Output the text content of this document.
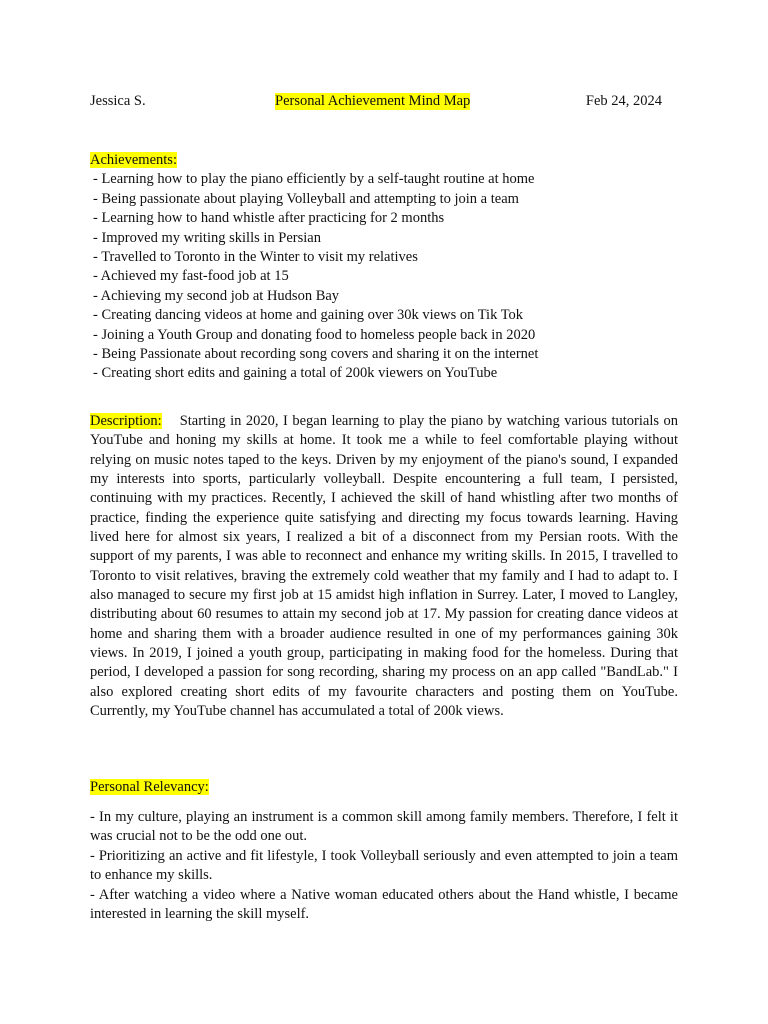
Jessica S.	Personal Achievement Mind Map	Feb 24, 2024
Achievements:
- Learning how to play the piano efficiently by a self-taught routine at home
- Being passionate about playing Volleyball and attempting to join a team
- Learning how to hand whistle after practicing for 2 months
- Improved my writing skills in Persian
- Travelled to Toronto in the Winter to visit my relatives
- Achieved my fast-food job at 15
- Achieving my second job at Hudson Bay
- Creating dancing videos at home and gaining over 30k views on Tik Tok
- Joining a Youth Group and donating food to homeless people back in 2020
- Being Passionate about recording song covers and sharing it on the internet
- Creating short edits and gaining a total of 200k viewers on YouTube
Description: Starting in 2020, I began learning to play the piano by watching various tutorials on YouTube and honing my skills at home. It took me a while to feel comfortable playing without relying on music notes taped to the keys. Driven by my enjoyment of the piano's sound, I expanded my interests into sports, particularly volleyball. Despite encountering a full team, I persisted, continuing with my practices. Recently, I achieved the skill of hand whistling after two months of practice, finding the experience quite satisfying and directing my focus towards learning. Having lived here for almost six years, I realized a bit of a disconnect from my Persian roots. With the support of my parents, I was able to reconnect and enhance my writing skills. In 2015, I travelled to Toronto to visit relatives, braving the extremely cold weather that my family and I had to adapt to. I also managed to secure my first job at 15 amidst high inflation in Surrey. Later, I moved to Langley, distributing about 60 resumes to attain my second job at 17. My passion for creating dance videos at home and sharing them with a broader audience resulted in one of my performances gaining 30k views. In 2019, I joined a youth group, participating in making food for the homeless. During that period, I developed a passion for song recording, sharing my process on an app called "BandLab." I also explored creating short edits of my favourite characters and posting them on YouTube. Currently, my YouTube channel has accumulated a total of 200k views.
Personal Relevancy:

- In my culture, playing an instrument is a common skill among family members. Therefore, I felt it was crucial not to be the odd one out.

- Prioritizing an active and fit lifestyle, I took Volleyball seriously and even attempted to join a team to enhance my skills.

- After watching a video where a Native woman educated others about the Hand whistle, I became interested in learning the skill myself.
